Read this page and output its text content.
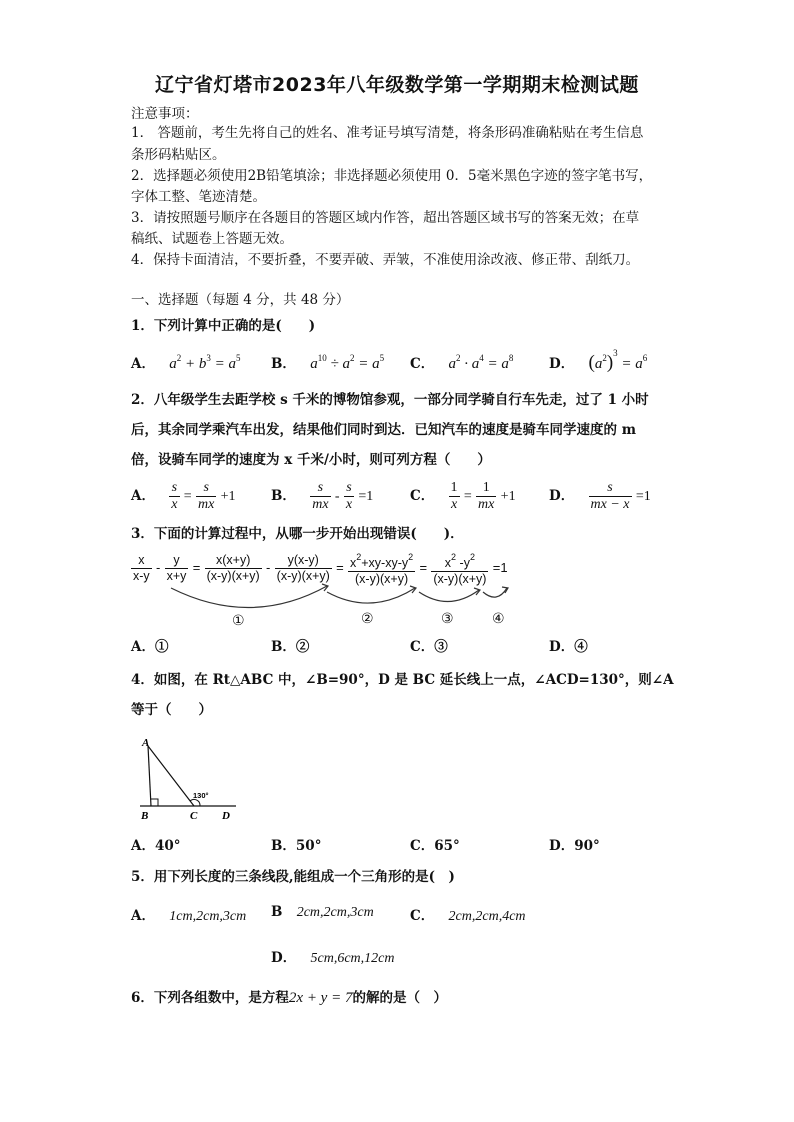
辽宁省灯塔市2023年八年级数学第一学期期末检测试题
注意事项：
1． 答题前，考生先将自己的姓名、准考证号填写清楚，将条形码准确粘贴在考生信息
条形码粘贴区。
2．选择题必须使用2B铅笔填涂；非选择题必须使用 0．5毫米黑色字迹的签字笔书写，
字体工整、笔迹清楚。
3．请按照题号顺序在各题目的答题区域内作答，超出答题区域书写的答案无效；在草
稿纸、试题卷上答题无效。
4．保持卡面清洁，不要折叠，不要弄破、弄皱，不准使用涂改液、修正带、刮纸刀。
一、选择题（每题 4 分，共 48 分）
1．下列计算中正确的是(　　)
A． $a^2 + b^3 = a^5$ B． $a^{10} \div a^2 = a^5$ C． $a^2 \cdot a^4 = a^8$	D． $(a^2)^3 = a^6$
2．八年级学生去距学校 s 千米的博物馆参观，一部分同学骑自行车先走，过了 1 小时
后，其余同学乘汽车出发，结果他们同时到达．已知汽车的速度是骑车同学速度的 m
倍，设骑车同学的速度为 x 千米/小时，则可列方程（　　）
A． $\frac{s}{x} = \frac{s}{mx} +1$	B． $\frac{s}{mx} - \frac{s}{x} =1$	C． $\frac{1}{x} = \frac{1}{mx} +1$ D． $\frac{s}{mx - x} =1$
3．下面的计算过程中，从哪一步开始出现错误(　　)．
$\frac{x}{x-y} - \frac{y}{x+y} = \frac{x(x+y)}{(x-y)(x+y)} - \frac{y(x-y)}{(x-y)(x+y)} = \frac{x^2+xy-xy-y^2}{(x-y)(x+y)} = \frac{x^2 -y^2}{(x-y)(x+y)} =1$
①	②	③	④
A．①	B．②	C．③	D．④
4．如图，在 Rt△ABC 中，∠B=90°，D 是 BC 延长线上一点，∠ACD=130°，则∠A
等于（　　）
A
B	C D
130°
A．40°	B．50°	C．65°	D．90°
5．用下列长度的三条线段,能组成一个三角形的是(　)
A． 1cm,2cm,3cm B 2cm,2cm,3cm	C． 2cm,2cm,4cm
D． 5cm,6cm,12cm
6．下列各组数中，是方程2x + y = 7的解的是（　）
